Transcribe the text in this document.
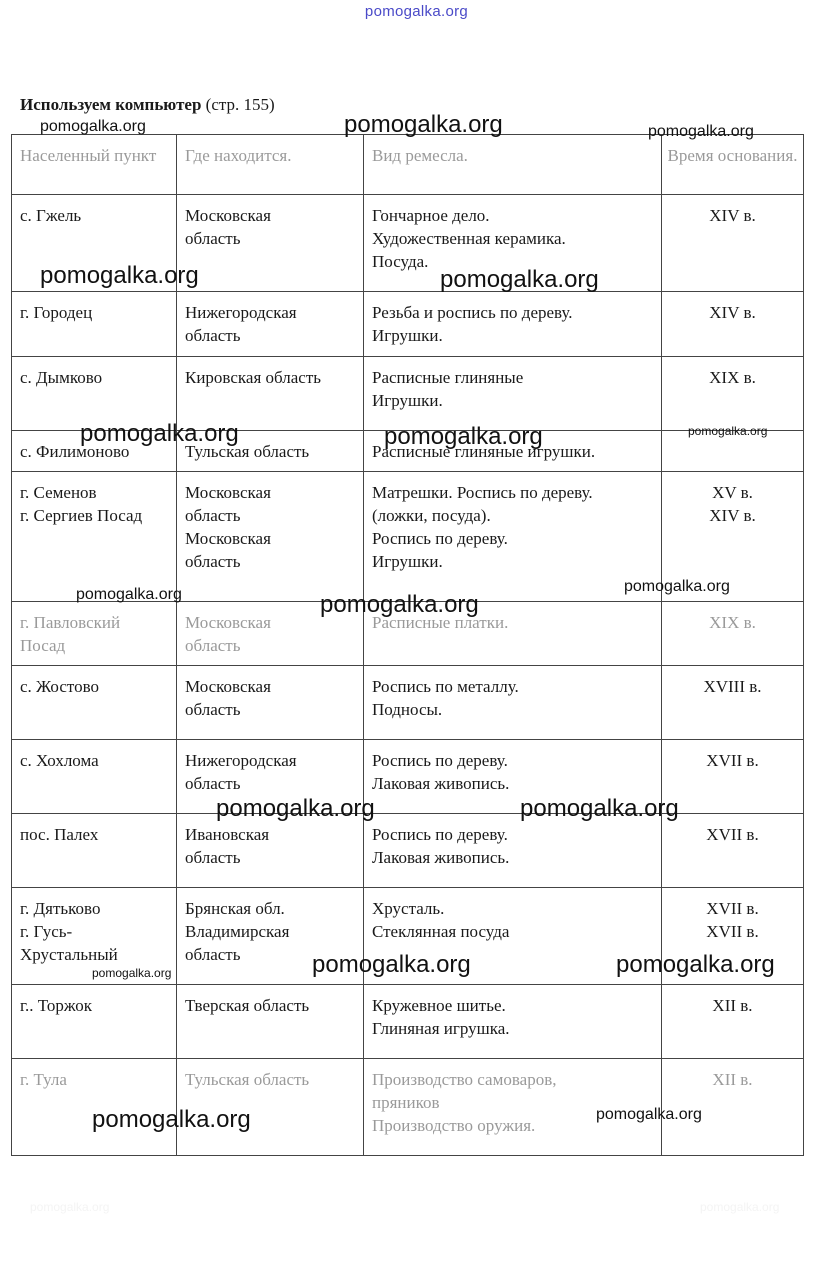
pomogalka.org
Используем компьютер (стр. 155)
Населенный пункт	Где находится.	Вид ремесла.	Время основания.

с. Гжель	Московская
область	Гончарное дело.
Художественная керамика.
Посуда.	XIV в.

г. Городец	Нижегородская
область	Резьба и роспись по дереву.
Игрушки.	XIV в.

с. Дымково	Кировская область	Расписные глиняные
Игрушки.	XIX в.

с. Филимоново	Тульская область	Расписные глиняные игрушки.	

г. Семенов
г. Сергиев Посад	Московская
область
Московская
область	Матрешки. Роспись по дереву.
(ложки, посуда).
Роспись по дереву.
Игрушки.	XV в.
XIV в.

г. Павловский
Посад	Московская
область	Расписные платки.	XIX в.

с. Жостово	Московская
область	Роспись по металлу.
Подносы.	XVIII в.

с. Хохлома	Нижегородская
область	Роспись по дереву.
Лаковая живопись.	XVII в.

пос. Палех	Ивановская
область	Роспись по дереву.
Лаковая живопись.	XVII в.

г. Дятьково
г. Гусь-
Хрустальный	Брянская обл.
Владимирская
область	Хрусталь.
Стеклянная посуда	XVII в.
XVII в.

г.. Торжок	Тверская область	Кружевное шитье.
Глиняная игрушка.	XII в.

г. Тула	Тульская область	Производство самоваров,
пряников
Производство оружия.	XII в.
pomogalka.org	pomogalka.org	pomogalka.org
pomogalka.org	pomogalka.org
pomogalka.org	pomogalka.org	pomogalka.org
pomogalka.org	pomogalka.org
pomogalka.org
pomogalka.org	pomogalka.org
pomogalka.org	pomogalka.org	pomogalka.org
pomogalka.org	pomogalka.org
pomogalka.org	pomogalka.org
